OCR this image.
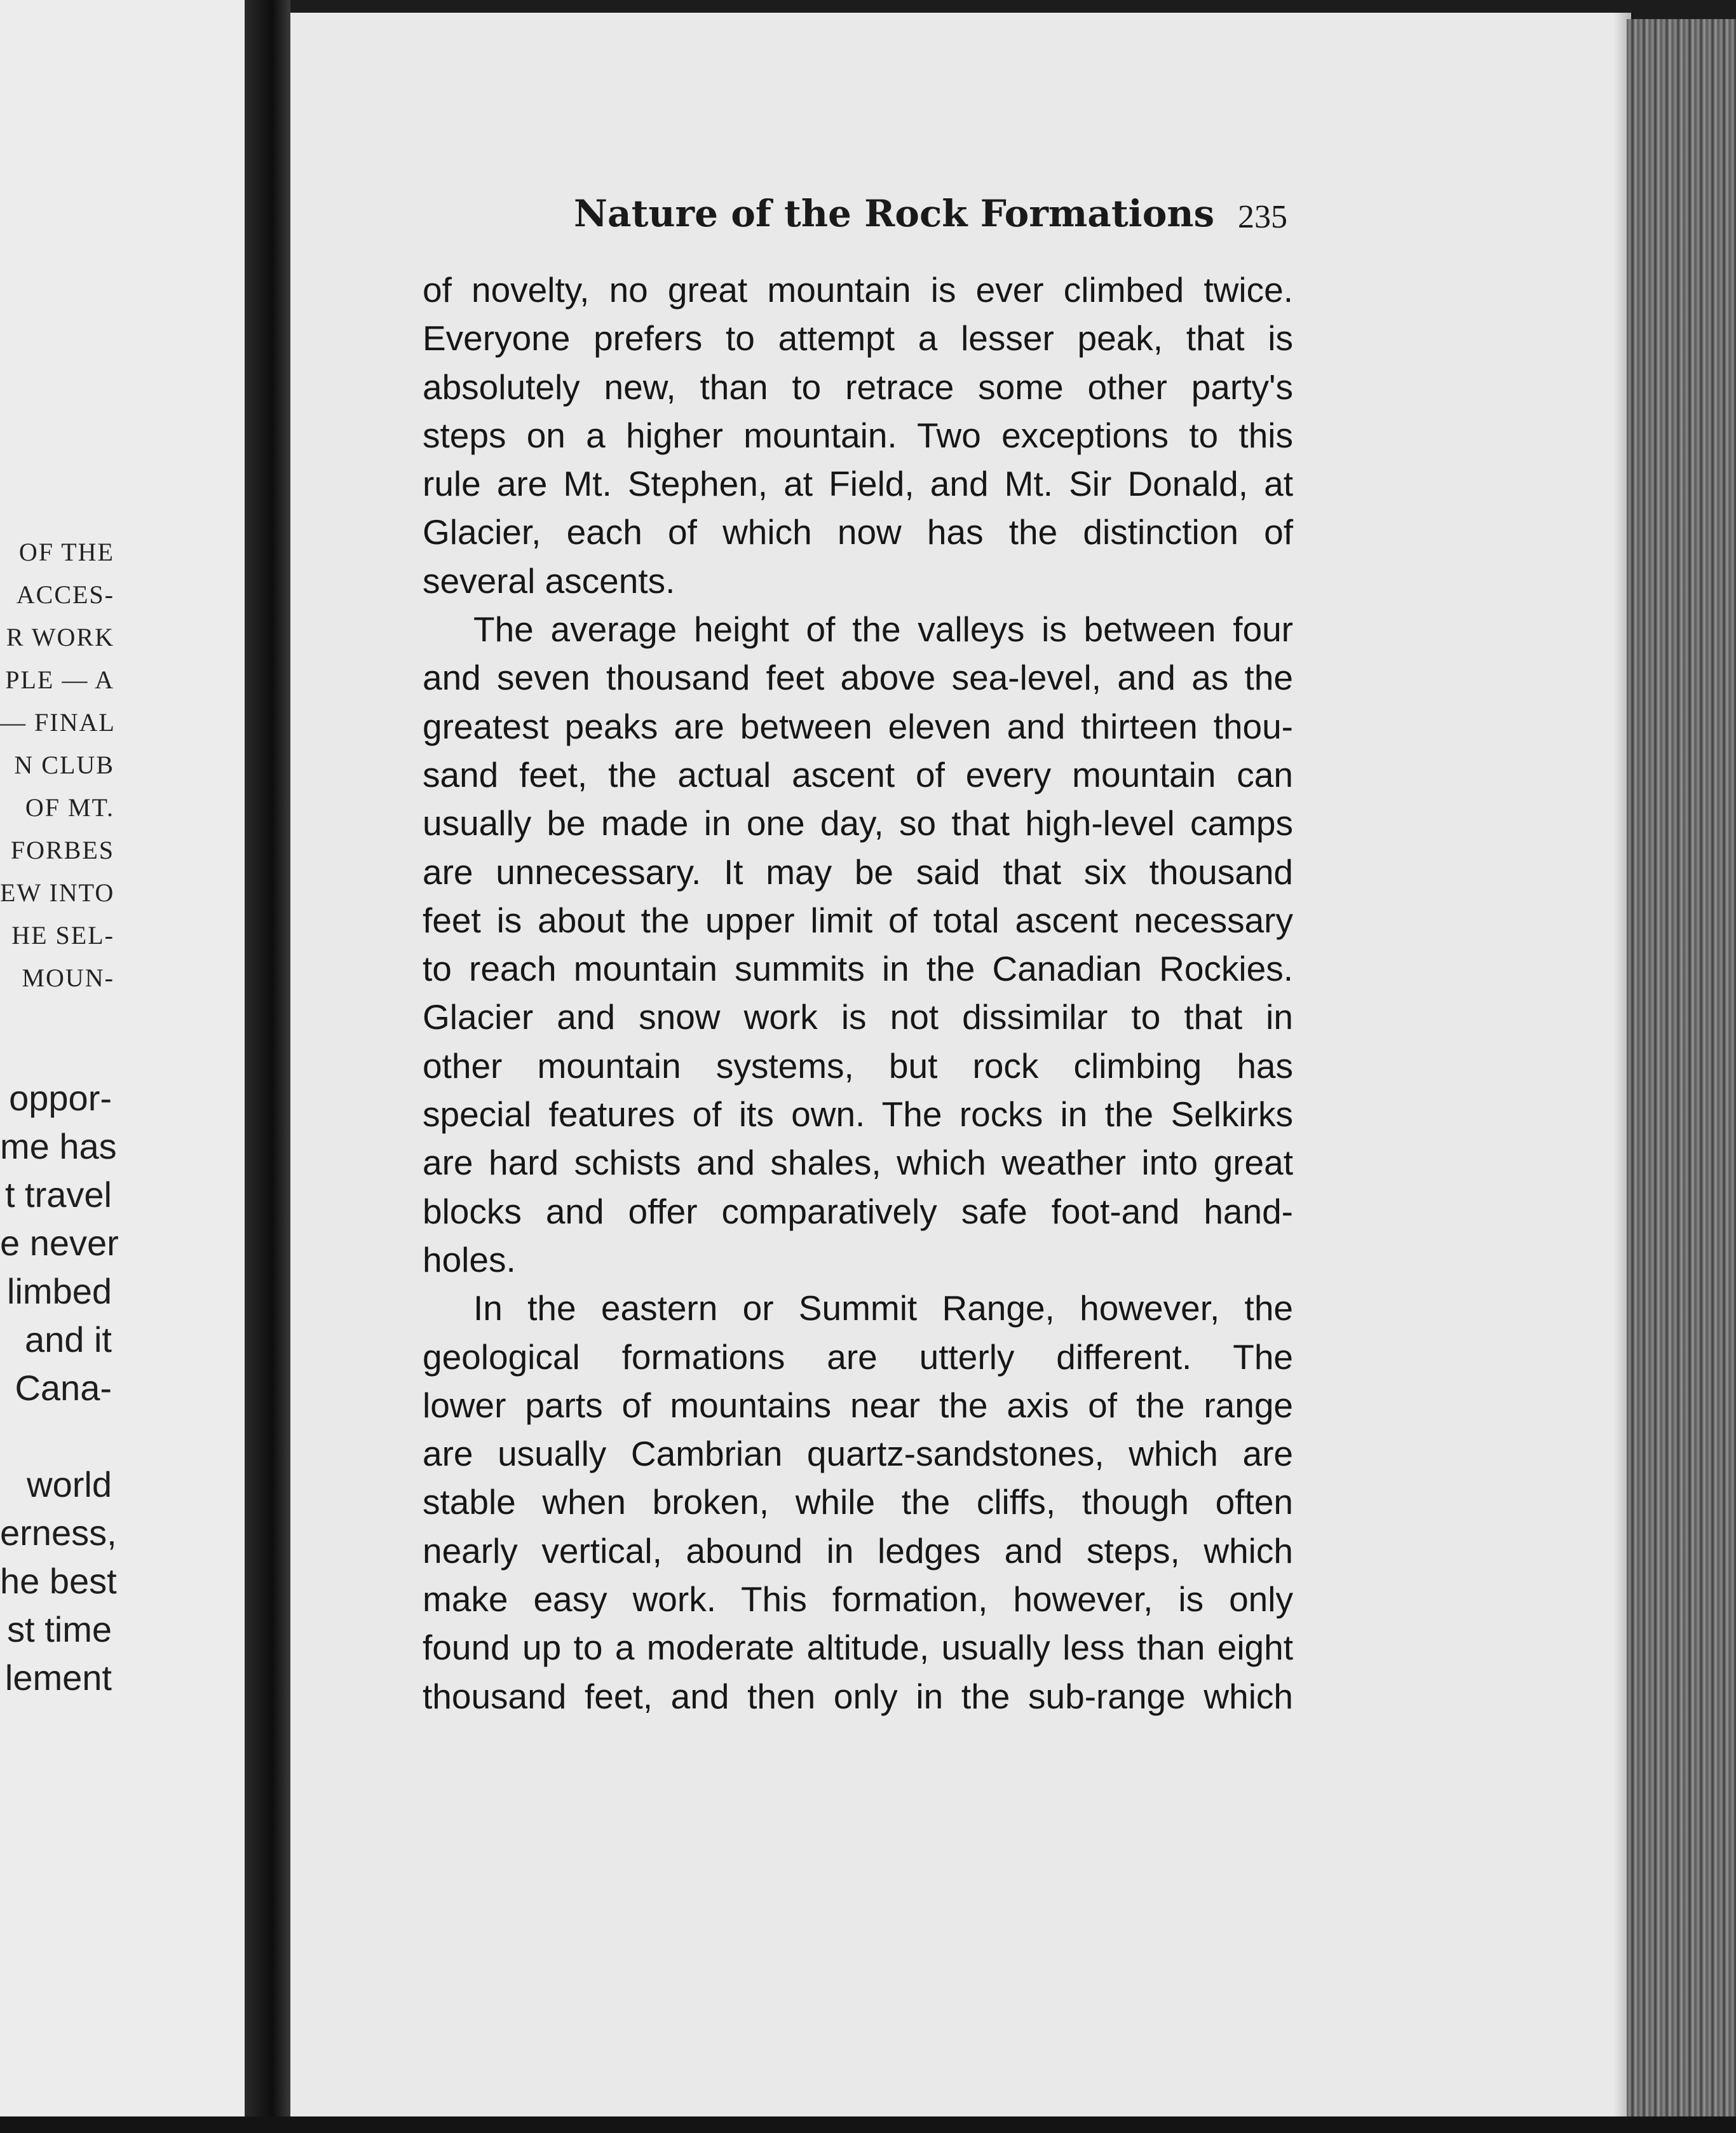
OF THE
ACCES-
R WORK
PLE — A
— FINAL
N CLUB
OF MT.
FORBES
EW INTO
HE SEL-
MOUN-
oppor-
me has
t travel
e never
limbed
and it
Cana-
world
erness,
he best
st time
lement
Nature of the Rock Formations 235
of novelty, no great mountain is ever climbed twice.
Everyone prefers to attempt a lesser peak, that is
absolutely new, than to retrace some other party's
steps on a higher mountain. Two exceptions to this
rule are Mt. Stephen, at Field, and Mt. Sir Donald, at
Glacier, each of which now has the distinction of
several ascents.
The average height of the valleys is between four
and seven thousand feet above sea-level, and as the
greatest peaks are between eleven and thirteen thou-
sand feet, the actual ascent of every mountain can
usually be made in one day, so that high-level camps
are unnecessary. It may be said that six thousand
feet is about the upper limit of total ascent necessary
to reach mountain summits in the Canadian Rockies.
Glacier and snow work is not dissimilar to that in
other mountain systems, but rock climbing has
special features of its own. The rocks in the Selkirks
are hard schists and shales, which weather into great
blocks and offer comparatively safe foot-and hand-
holes.
In the eastern or Summit Range, however, the
geological formations are utterly different. The
lower parts of mountains near the axis of the range
are usually Cambrian quartz-sandstones, which are
stable when broken, while the cliffs, though often
nearly vertical, abound in ledges and steps, which
make easy work. This formation, however, is only
found up to a moderate altitude, usually less than eight
thousand feet, and then only in the sub-range which
